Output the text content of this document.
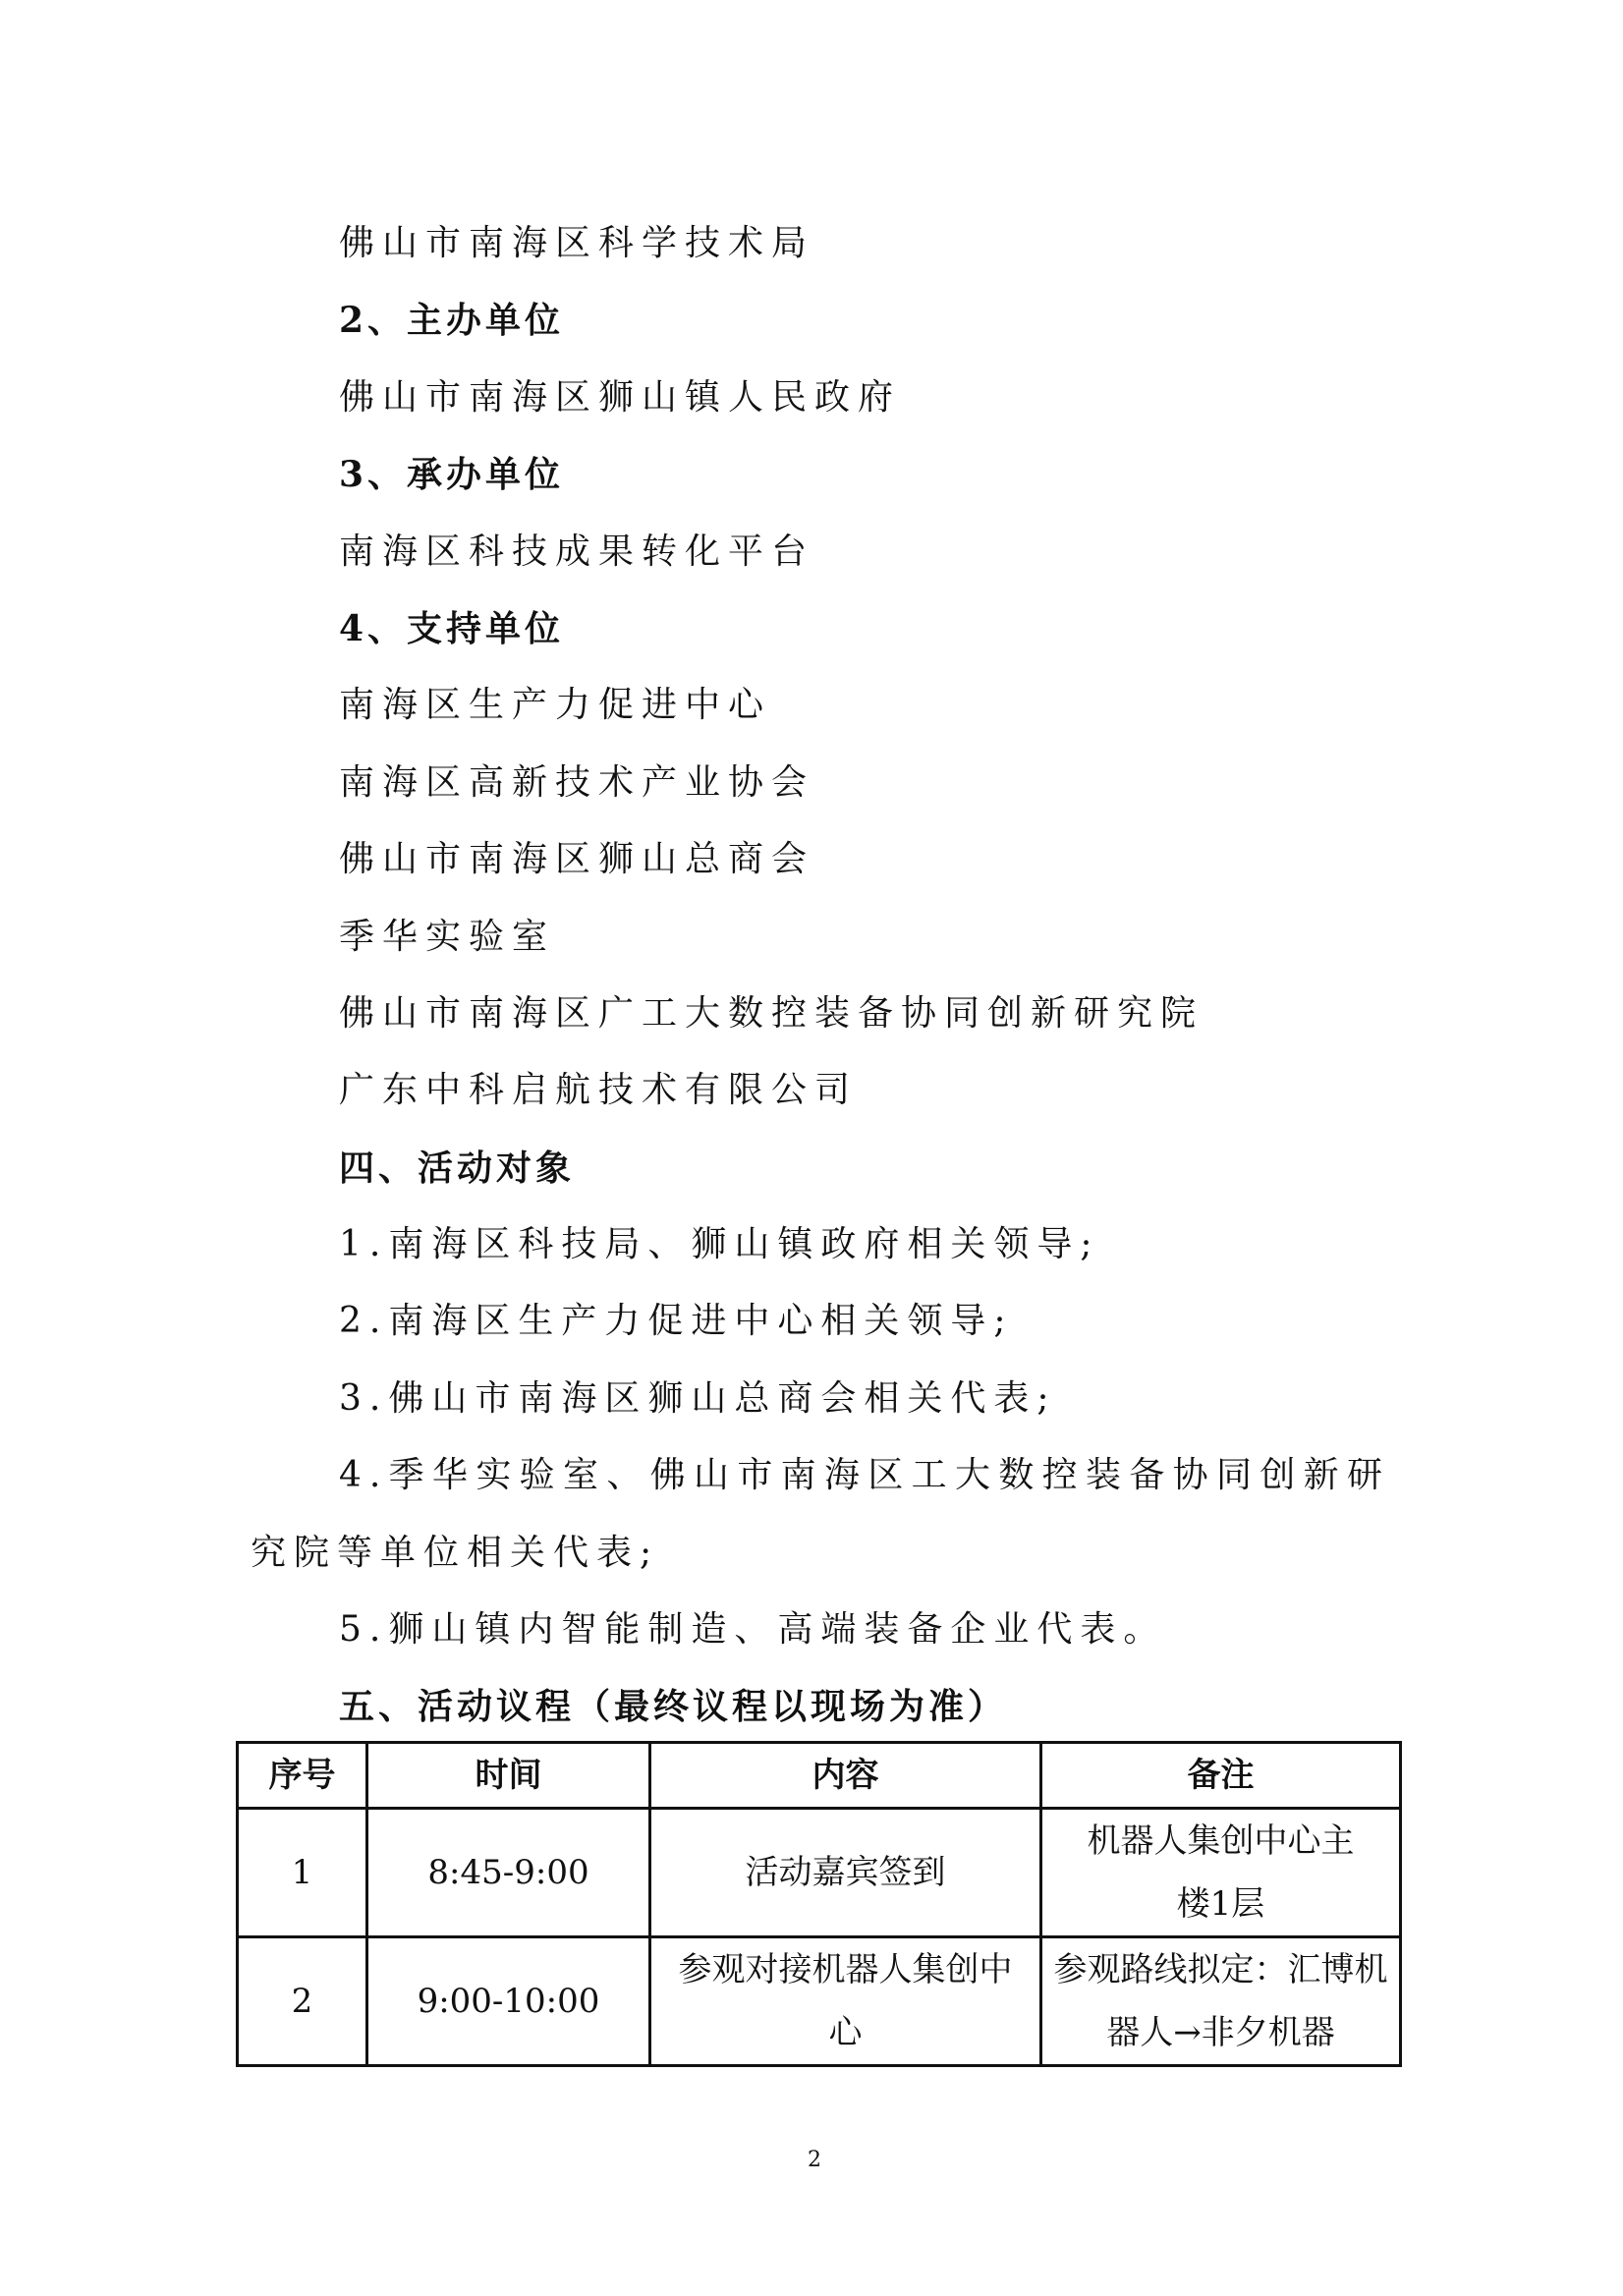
佛山市南海区科学技术局
2、主办单位
佛山市南海区狮山镇人民政府
3、承办单位
南海区科技成果转化平台
4、支持单位
南海区生产力促进中心
南海区高新技术产业协会
佛山市南海区狮山总商会
季华实验室
佛山市南海区广工大数控装备协同创新研究院
广东中科启航技术有限公司
四、活动对象
1.南海区科技局、狮山镇政府相关领导;
2.南海区生产力促进中心相关领导;
3.佛山市南海区狮山总商会相关代表;
4.季华实验室、佛山市南海区工大数控装备协同创新研
究院等单位相关代表;
5.狮山镇内智能制造、高端装备企业代表。
五、活动议程（最终议程以现场为准）
序号	时间	内容	备注
1	8:45-9:00	活动嘉宾签到	机器人集创中心主楼1层
2	9:00-10:00	参观对接机器人集创中心	参观路线拟定：汇博机器人→非夕机器
2
